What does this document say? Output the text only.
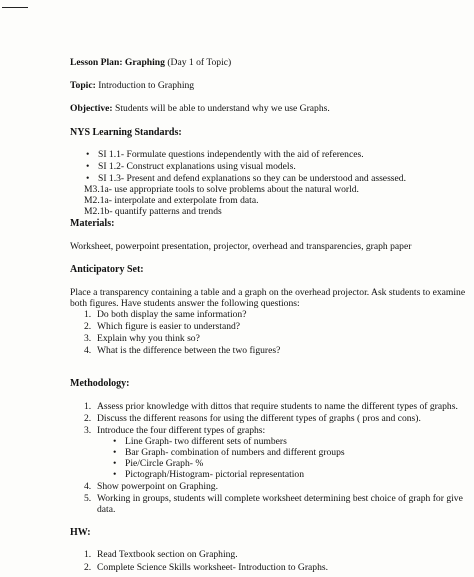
Lesson Plan: Graphing (Day 1 of Topic)
Topic: Introduction to Graphing
Objective: Students will be able to understand why we use Graphs.
NYS Learning Standards:
• SI 1.1- Formulate questions independently with the aid of references.
• SI 1.2- Construct explanations using visual models.
• SI 1.3- Present and defend explanations so they can be understood and assessed.
M3.1a- use appropriate tools to solve problems about the natural world.
M2.1a- interpolate and exterpolate from data.
M2.1b- quantify patterns and trends
Materials:
Worksheet, powerpoint presentation, projector, overhead and transparencies, graph paper
Anticipatory Set:
Place a transparency containing a table and a graph on the overhead projector. Ask students to examine
both figures. Have students answer the following questions:
1. Do both display the same information?
2. Which figure is easier to understand?
3. Explain why you think so?
4. What is the difference between the two figures?
Methodology:
1. Assess prior knowledge with dittos that require students to name the different types of graphs.
2. Discuss the different reasons for using the different types of graphs ( pros and cons).
3. Introduce the four different types of graphs:
• Line Graph- two different sets of numbers
• Bar Graph- combination of numbers and different groups
• Pie/Circle Graph- %
• Pictograph/Histogram- pictorial representation
4. Show powerpoint on Graphing.
5. Working in groups, students will complete worksheet determining best choice of graph for give
data.
HW:
1. Read Textbook section on Graphing.
2. Complete Science Skills worksheet- Introduction to Graphs.
